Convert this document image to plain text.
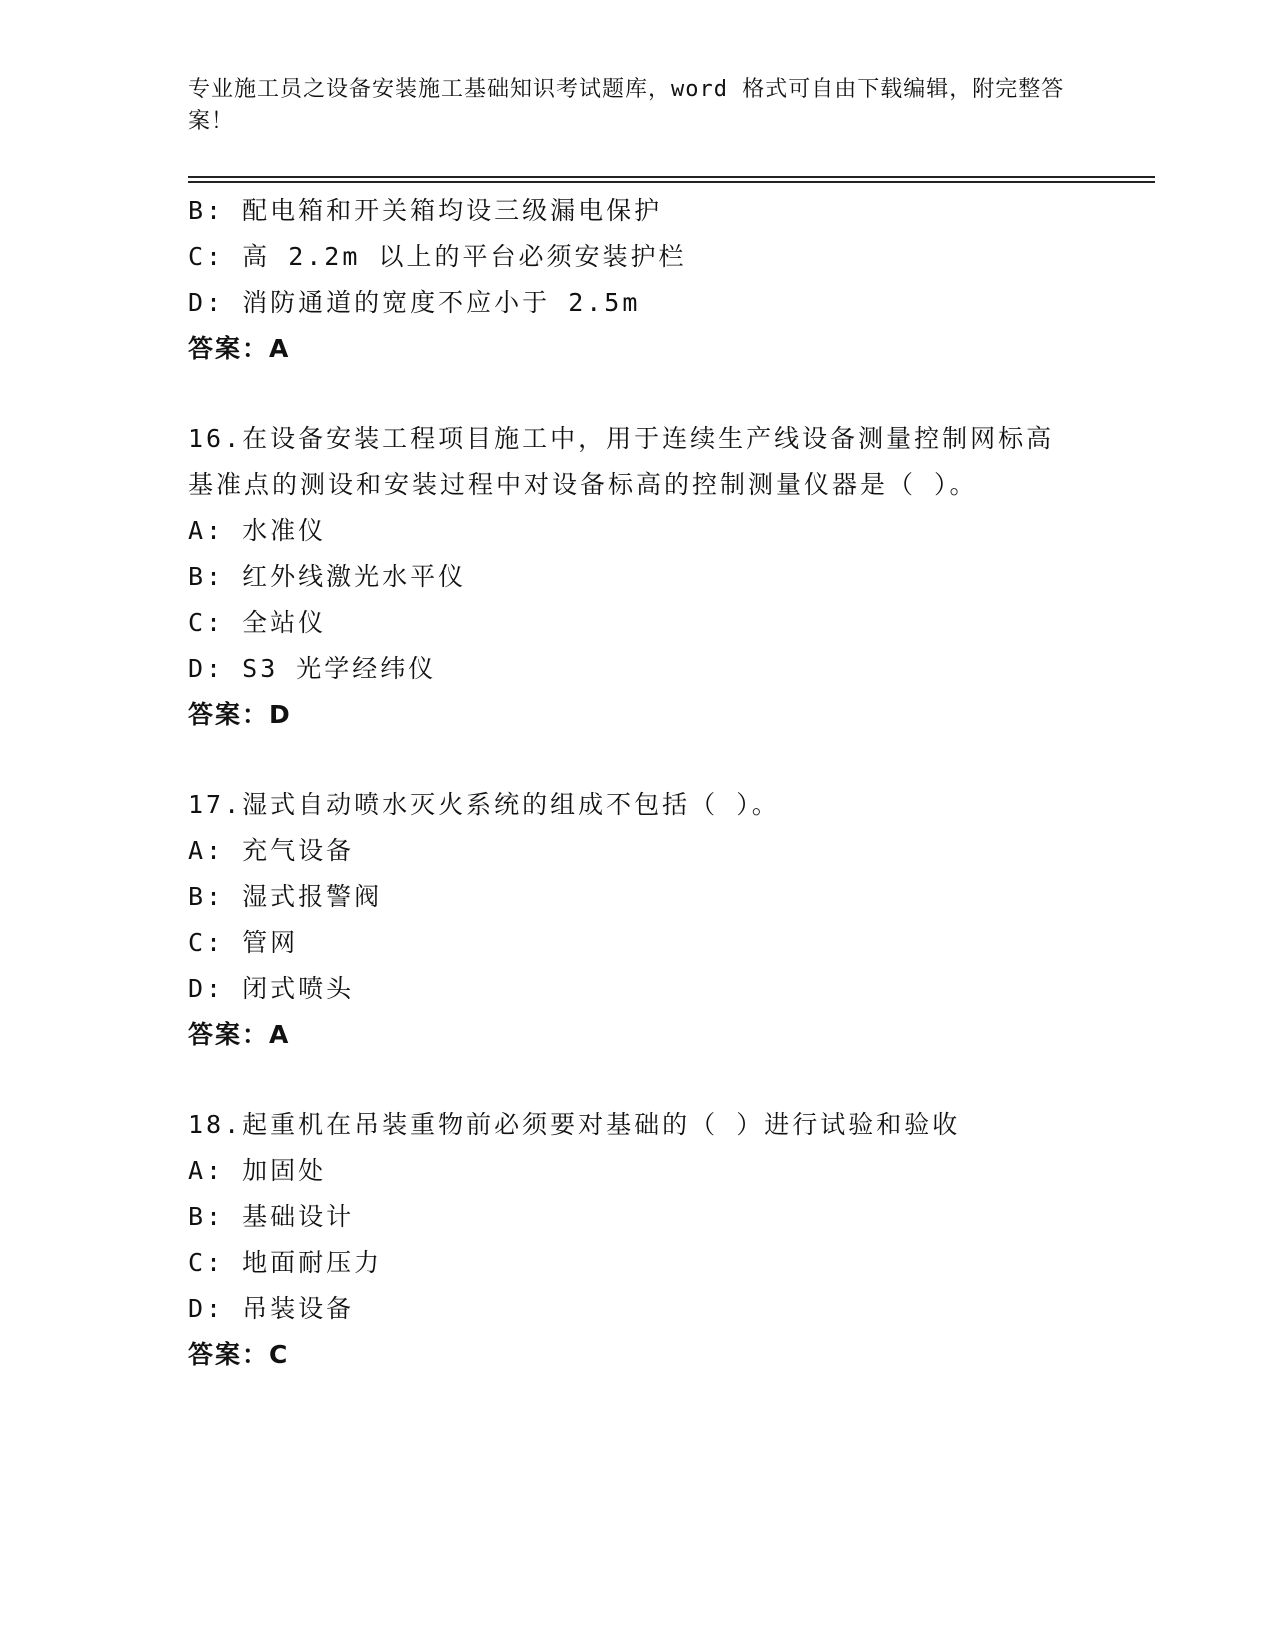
专业施工员之设备安装施工基础知识考试题库，word 格式可自由下载编辑，附完整答案！
B: 配电箱和开关箱均设三级漏电保护
C: 高 2.2m 以上的平台必须安装护栏
D: 消防通道的宽度不应小于 2.5m
答案：A
16.在设备安装工程项目施工中，用于连续生产线设备测量控制网标高基准点的测设和安装过程中对设备标高的控制测量仪器是（ ）。
A: 水准仪
B: 红外线激光水平仪
C: 全站仪
D: S3 光学经纬仪
答案：D
17.湿式自动喷水灭火系统的组成不包括（ ）。
A: 充气设备
B: 湿式报警阀
C: 管网
D: 闭式喷头
答案：A
18.起重机在吊装重物前必须要对基础的（ ）进行试验和验收
A: 加固处
B: 基础设计
C: 地面耐压力
D: 吊装设备
答案：C
